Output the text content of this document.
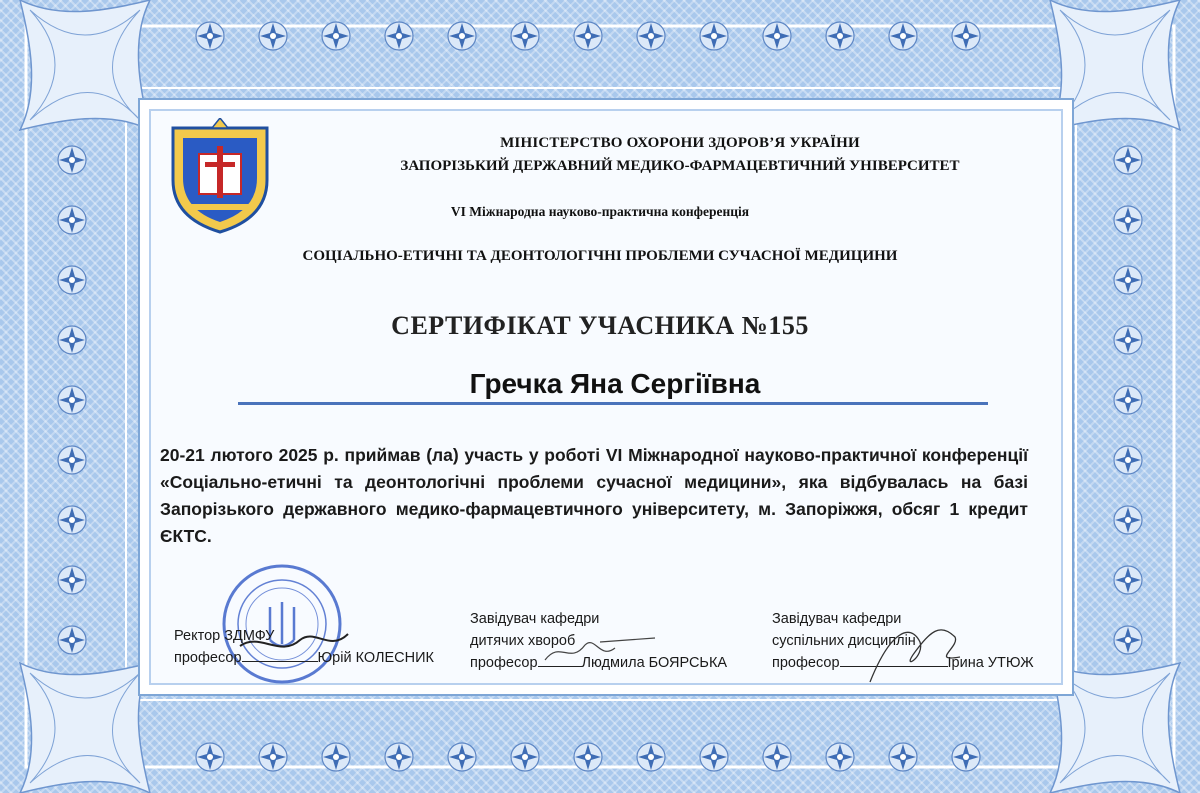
МІНІСТЕРСТВО ОХОРОНИ ЗДОРОВ’Я УКРАЇНИ
ЗАПОРІЗЬКИЙ ДЕРЖАВНИЙ МЕДИКО-ФАРМАЦЕВТИЧНИЙ УНІВЕРСИТЕТ
VI Міжнародна науково-практична конференція
СОЦІАЛЬНО-ЕТИЧНІ ТА ДЕОНТОЛОГІЧНІ ПРОБЛЕМИ СУЧАСНОЇ МЕДИЦИНИ
СЕРТИФІКАТ УЧАСНИКА №155
Гречка Яна Сергіївна
20-21 лютого 2025 р. приймав (ла) участь у роботі VI Міжнародної науково-практичної конференції «Соціально-етичні та деонтологічні проблеми сучасної медицини», яка відбувалась на базі Запорізького державного медико-фармацевтичного університету, м. Запоріжжя, обсяг 1 кредит ЄКТС.
Ректор ЗДМФУ
професор	Юрій КОЛЕСНИК
Завідувач кафедри
дитячих хвороб
професор	Людмила БОЯРСЬКА
Завідувач кафедри
суспільних дисциплін
професор	Ірина УТЮЖ
